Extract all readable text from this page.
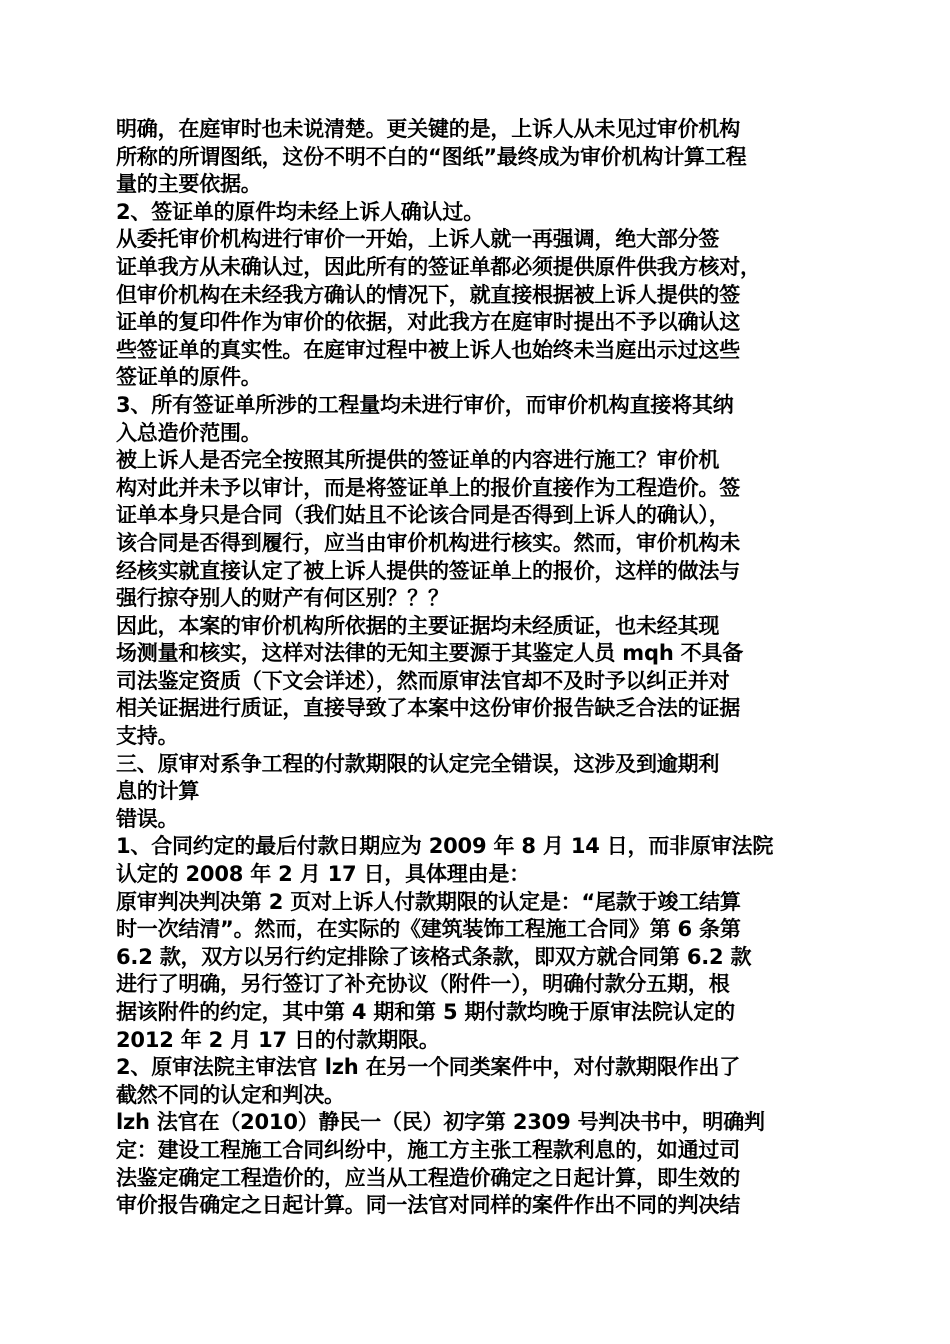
明确，在庭审时也未说清楚。更关键的是，上诉人从未见过审价机构
所称的所谓图纸，这份不明不白的“图纸”最终成为审价机构计算工程
量的主要依据。
2、签证单的原件均未经上诉人确认过。
从委托审价机构进行审价一开始，上诉人就一再强调，绝大部分签
证单我方从未确认过，因此所有的签证单都必须提供原件供我方核对，
但审价机构在未经我方确认的情况下，就直接根据被上诉人提供的签
证单的复印件作为审价的依据，对此我方在庭审时提出不予以确认这
些签证单的真实性。在庭审过程中被上诉人也始终未当庭出示过这些
签证单的原件。
3、所有签证单所涉的工程量均未进行审价，而审价机构直接将其纳
入总造价范围。
被上诉人是否完全按照其所提供的签证单的内容进行施工？审价机
构对此并未予以审计，而是将签证单上的报价直接作为工程造价。签
证单本身只是合同（我们姑且不论该合同是否得到上诉人的确认），
该合同是否得到履行，应当由审价机构进行核实。然而，审价机构未
经核实就直接认定了被上诉人提供的签证单上的报价，这样的做法与
强行掠夺别人的财产有何区别？？？
因此，本案的审价机构所依据的主要证据均未经质证，也未经其现
场测量和核实，这样对法律的无知主要源于其鉴定人员 mqh 不具备
司法鉴定资质（下文会详述），然而原审法官却不及时予以纠正并对
相关证据进行质证，直接导致了本案中这份审价报告缺乏合法的证据
支持。
三、原审对系争工程的付款期限的认定完全错误，这涉及到逾期利
息的计算
错误。
1、合同约定的最后付款日期应为 2009 年 8 月 14 日，而非原审法院
认定的 2008 年 2 月 17 日，具体理由是：
原审判决判决第 2 页对上诉人付款期限的认定是：“尾款于竣工结算
时一次结清”。然而，在实际的《建筑装饰工程施工合同》第 6 条第
6.2 款，双方以另行约定排除了该格式条款，即双方就合同第 6.2 款
进行了明确，另行签订了补充协议（附件一），明确付款分五期，根
据该附件的约定，其中第 4 期和第 5 期付款均晚于原审法院认定的
2012 年 2 月 17 日的付款期限。
2、原审法院主审法官 lzh 在另一个同类案件中，对付款期限作出了
截然不同的认定和判决。
lzh 法官在（2010）静民一（民）初字第 2309 号判决书中，明确判
定：建设工程施工合同纠纷中，施工方主张工程款利息的，如通过司
法鉴定确定工程造价的，应当从工程造价确定之日起计算，即生效的
审价报告确定之日起计算。同一法官对同样的案件作出不同的判决结
